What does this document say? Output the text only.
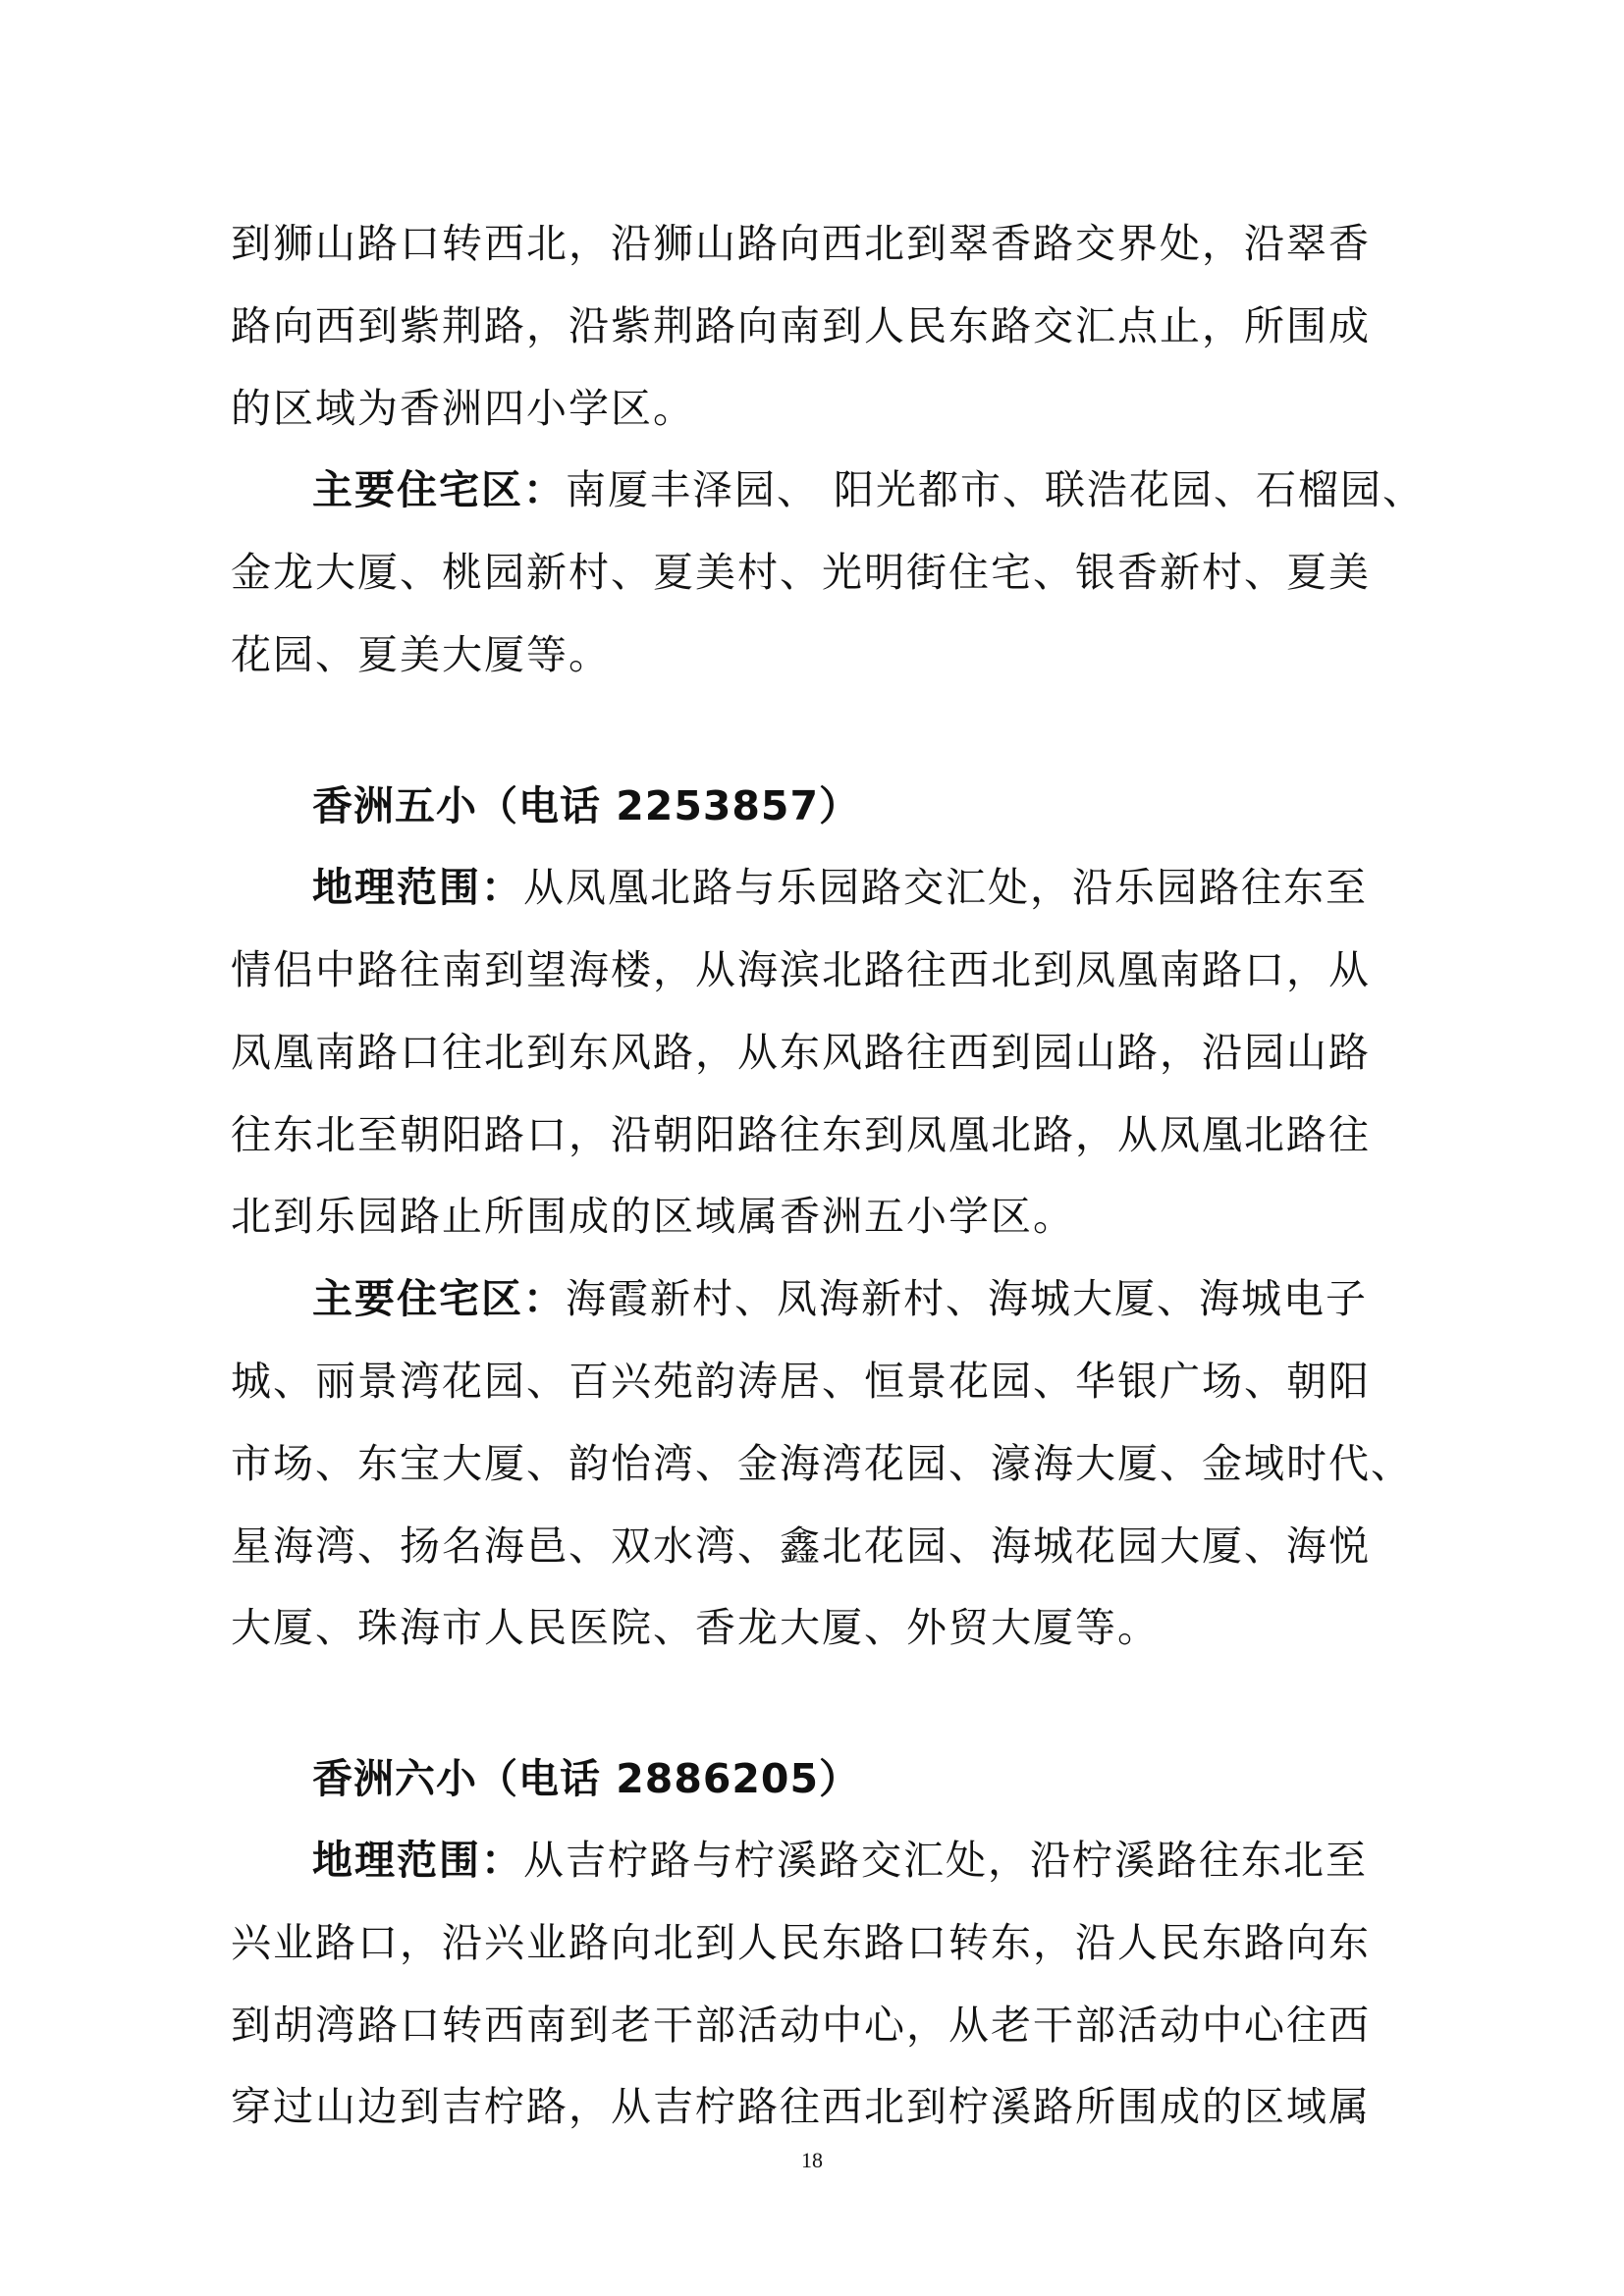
到狮山路口转西北，沿狮山路向西北到翠香路交界处，沿翠香
路向西到紫荆路，沿紫荆路向南到人民东路交汇点止，所围成
的区域为香洲四小学区。
主要住宅区：南厦丰泽园、 阳光都市、联浩花园、石榴园、
金龙大厦、桃园新村、夏美村、光明街住宅、银香新村、夏美
花园、夏美大厦等。
香洲五小（电话 2253857）
地理范围：从凤凰北路与乐园路交汇处，沿乐园路往东至
情侣中路往南到望海楼，从海滨北路往西北到凤凰南路口，从
凤凰南路口往北到东风路，从东风路往西到园山路，沿园山路
往东北至朝阳路口，沿朝阳路往东到凤凰北路，从凤凰北路往
北到乐园路止所围成的区域属香洲五小学区。
主要住宅区：海霞新村、凤海新村、海城大厦、海城电子
城、丽景湾花园、百兴苑韵涛居、恒景花园、华银广场、朝阳
市场、东宝大厦、韵怡湾、金海湾花园、濠海大厦、金域时代、
星海湾、扬名海邑、双水湾、鑫北花园、海城花园大厦、海悦
大厦、珠海市人民医院、香龙大厦、外贸大厦等。
香洲六小（电话 2886205）
地理范围：从吉柠路与柠溪路交汇处，沿柠溪路往东北至
兴业路口，沿兴业路向北到人民东路口转东，沿人民东路向东
到胡湾路口转西南到老干部活动中心，从老干部活动中心往西
穿过山边到吉柠路，从吉柠路往西北到柠溪路所围成的区域属
18
